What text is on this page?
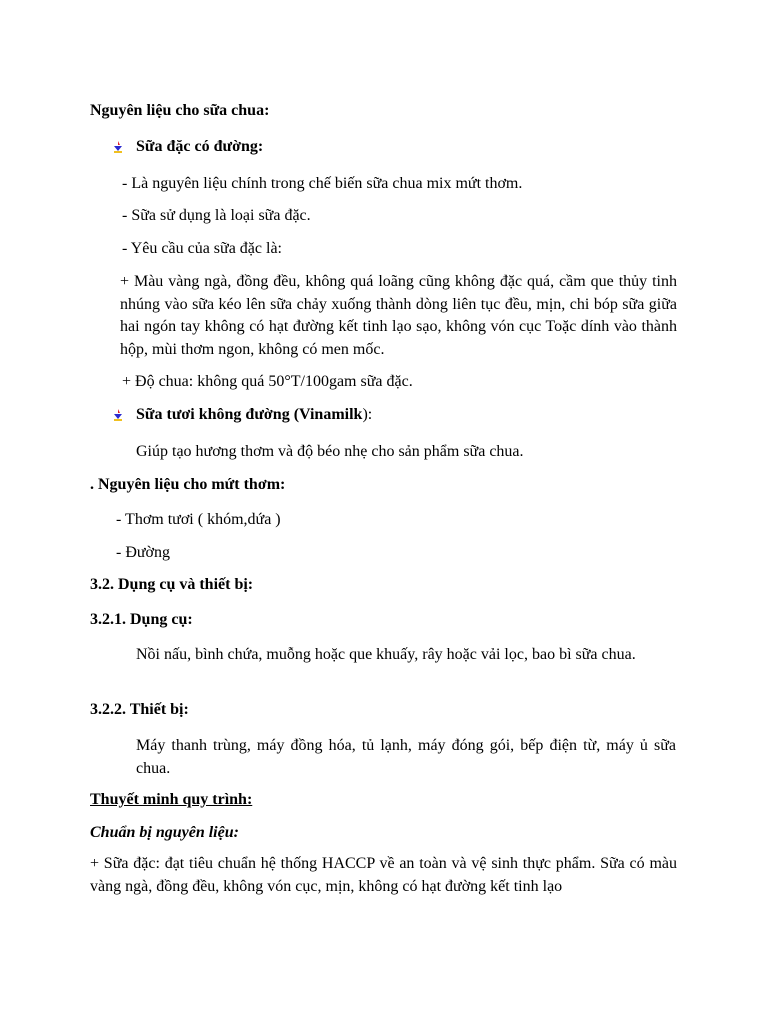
Nguyên liệu cho sữa chua:
Sữa đặc có đường:
- Là nguyên liệu chính trong chế biến sữa chua mix mứt thơm.
- Sữa sử dụng là loại sữa đặc.
- Yêu cầu của sữa đặc là:
+ Màu vàng ngà, đồng đều, không quá loãng cũng không đặc quá, cầm que thủy tinh nhúng vào sữa kéo lên sữa chảy xuống thành dòng liên tục đều, mịn, chi bóp sữa giữa hai ngón tay không có hạt đường kết tinh lạo sạo, không vón cục Toặc dính vào thành hộp, mùi thơm ngon, không có men mốc.
+ Độ chua: không quá 50°T/100gam sữa đặc.
Sữa tươi không đường (Vinamilk):
Giúp tạo hương thơm và độ béo nhẹ cho sản phẩm sữa chua.
. Nguyên liệu cho mứt thơm:
- Thơm tươi ( khóm,dứa )
- Đường
3.2. Dụng cụ và thiết bị:
3.2.1. Dụng cụ:
Nồi nấu, bình chứa, muỗng hoặc que khuấy, rây hoặc vải lọc, bao bì sữa chua.
3.2.2. Thiết bị:
Máy thanh trùng, máy đồng hóa, tủ lạnh, máy đóng gói, bếp điện từ, máy ủ sữa chua.
Thuyết minh quy trình:
Chuẩn bị nguyên liệu:
+ Sữa đặc: đạt tiêu chuẩn hệ thống HACCP về an toàn và vệ sinh thực phẩm. Sữa có màu vàng ngà, đồng đều, không vón cục, mịn, không có hạt đường kết tinh lạo
